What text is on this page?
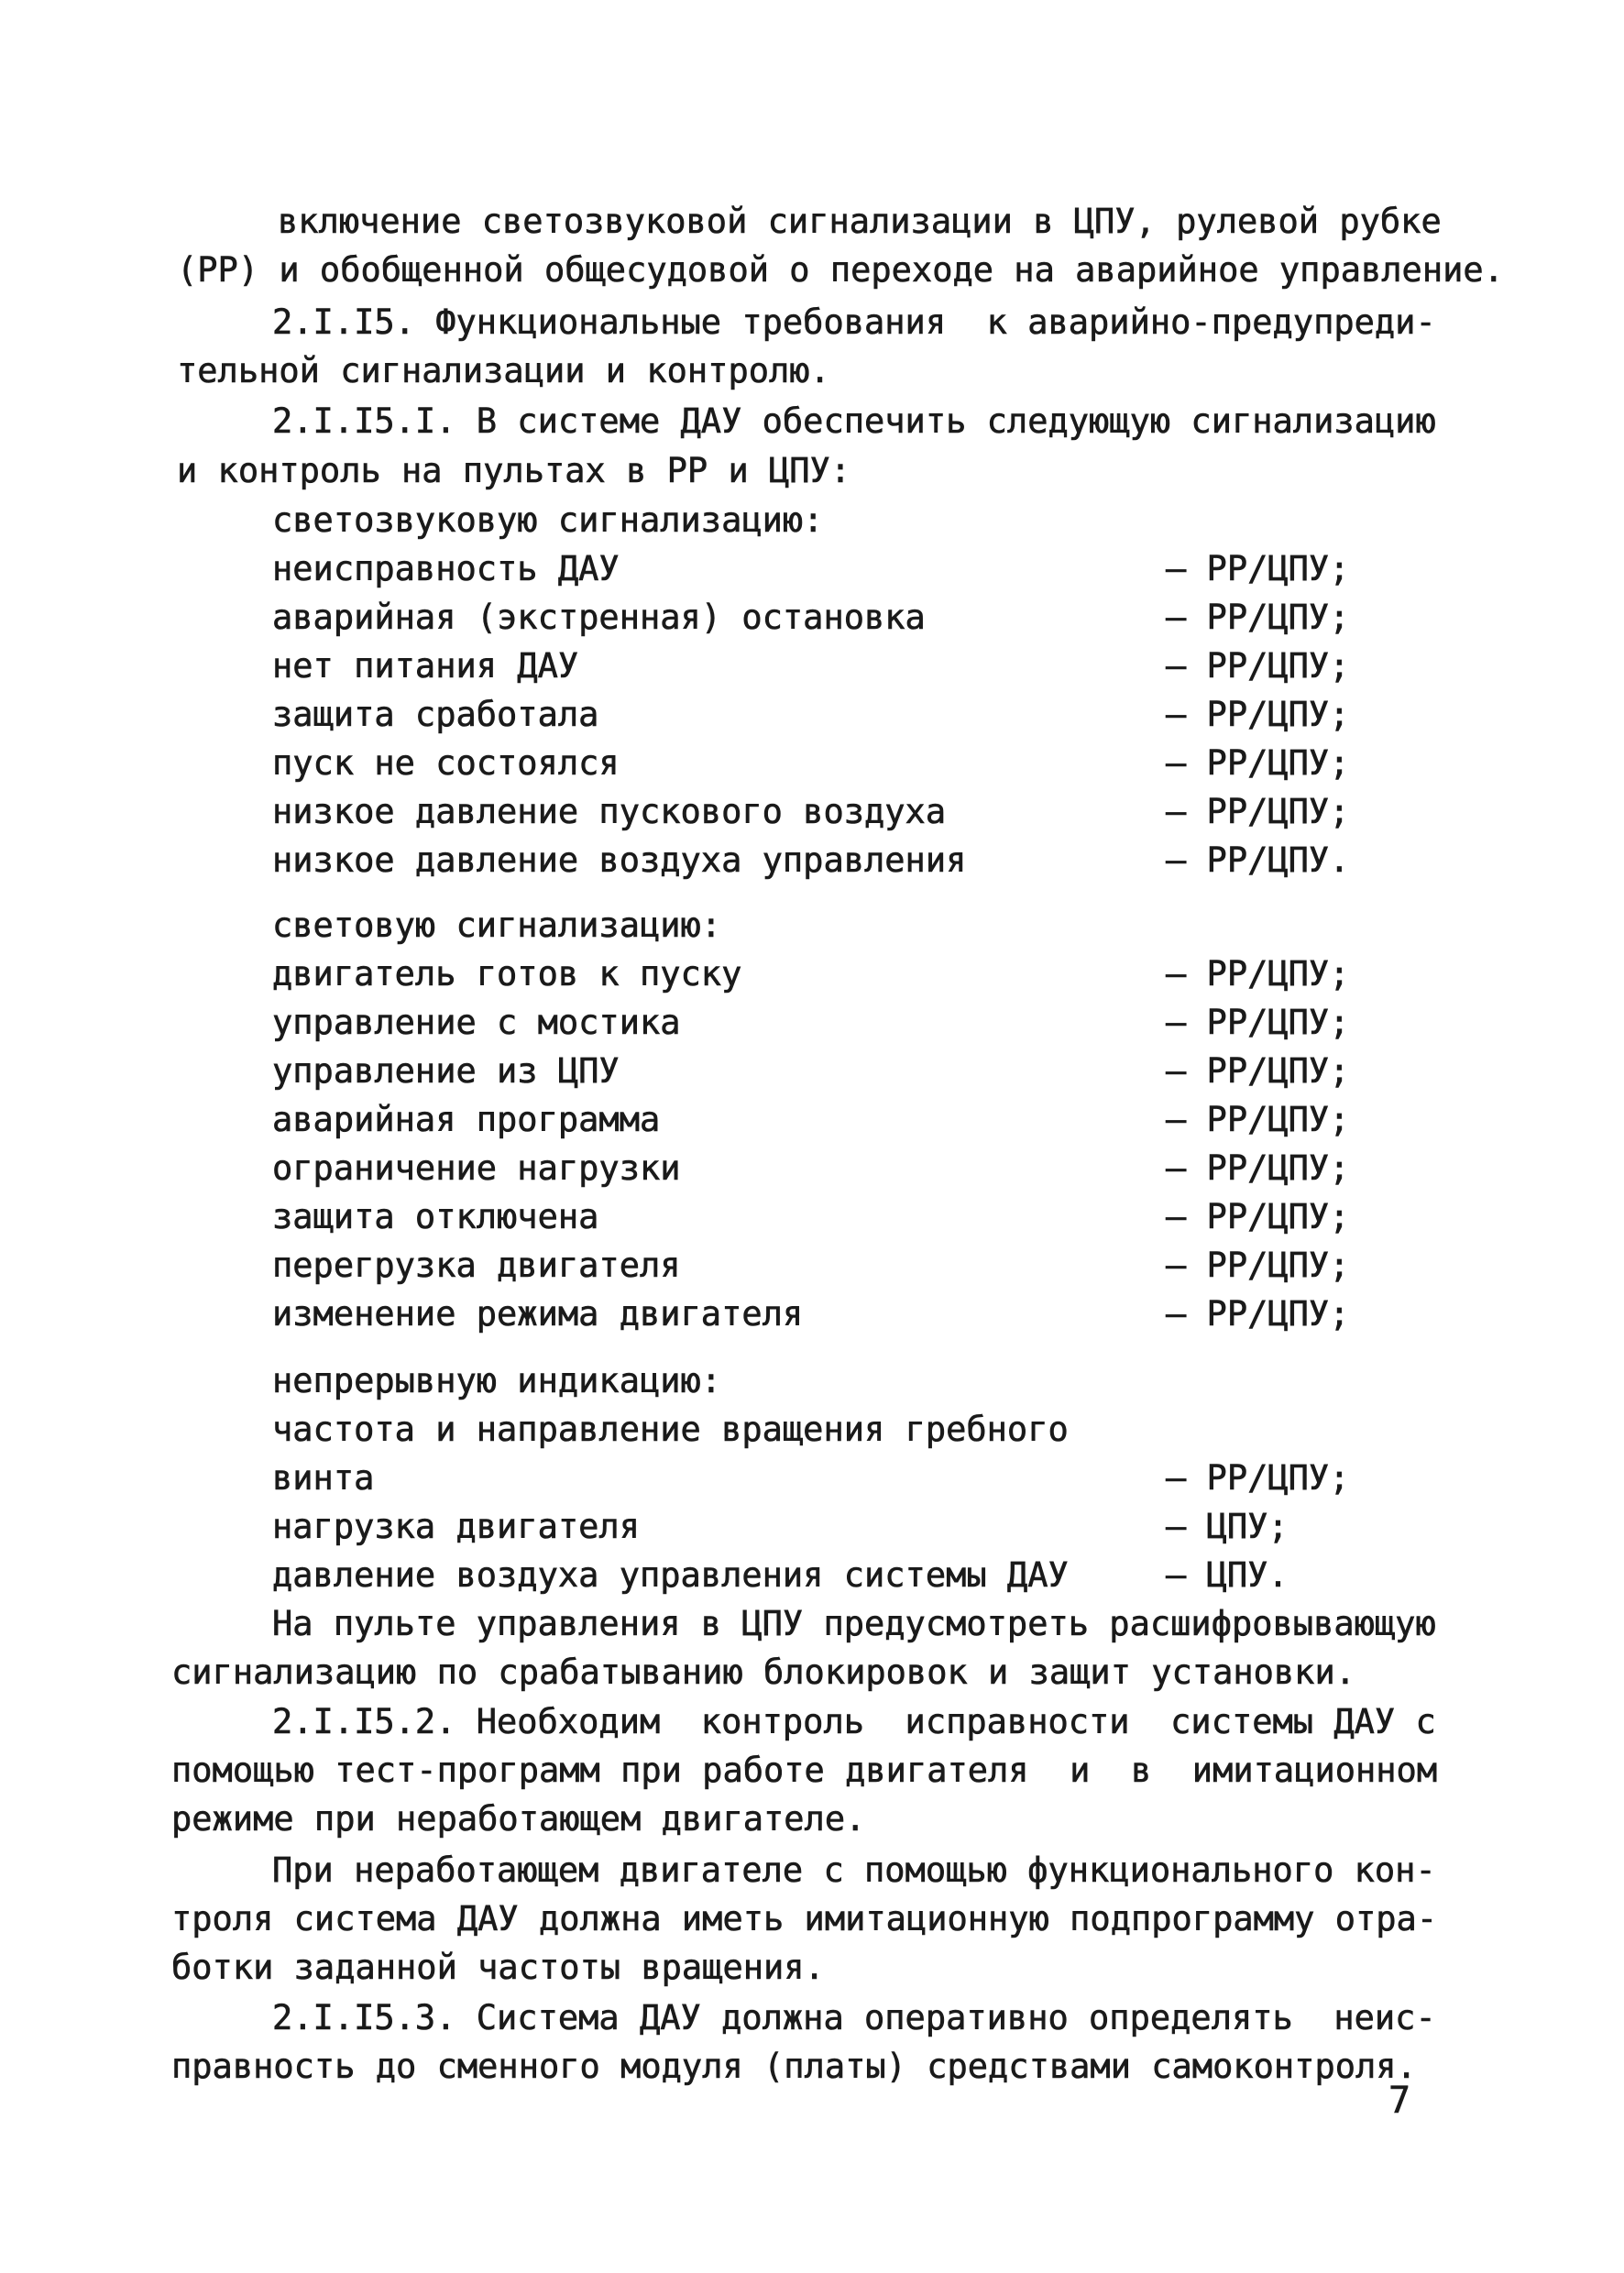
включение светозвуковой сигнализации в ЦПУ, рулевой рубке
(РР) и обобщенной общесудовой о переходе на аварийное управление.
2.I.I5. Функциональные требования  к аварийно-предупреди-
тельной сигнализации и контролю.
2.I.I5.I. В системе ДАУ обеспечить следующую сигнализацию
и контроль на пультах в РР и ЦПУ:
светозвуковую сигнализацию:
неисправность ДАУ	– РР/ЦПУ;
аварийная (экстренная) остановка	– РР/ЦПУ;
нет питания ДАУ	– РР/ЦПУ;
защита сработала	– РР/ЦПУ;
пуск не состоялся	– РР/ЦПУ;
низкое давление пускового воздуха	– РР/ЦПУ;
низкое давление воздуха управления	– РР/ЦПУ.
световую сигнализацию:
двигатель готов к пуску	– РР/ЦПУ;
управление с мостика	– РР/ЦПУ;
управление из ЦПУ	– РР/ЦПУ;
аварийная программа	– РР/ЦПУ;
ограничение нагрузки	– РР/ЦПУ;
защита отключена	– РР/ЦПУ;
перегрузка двигателя	– РР/ЦПУ;
изменение режима двигателя	– РР/ЦПУ;
непрерывную индикацию:
частота и направление вращения гребного
винта	– РР/ЦПУ;
нагрузка двигателя	– ЦПУ;
давление воздуха управления системы ДАУ	– ЦПУ.
На пульте управления в ЦПУ предусмотреть расшифровывающую
сигнализацию по срабатыванию блокировок и защит установки.
2.I.I5.2. Необходим  контроль  исправности  системы ДАУ с
помощью тест-программ при работе двигателя  и  в  имитационном
режиме при неработающем двигателе.
При неработающем двигателе с помощью функционального кон-
троля система ДАУ должна иметь имитационную подпрограмму отра-
ботки заданной частоты вращения.
2.I.I5.3. Система ДАУ должна оперативно определять  неис-
правность до сменного модуля (платы) средствами самоконтроля.
7
